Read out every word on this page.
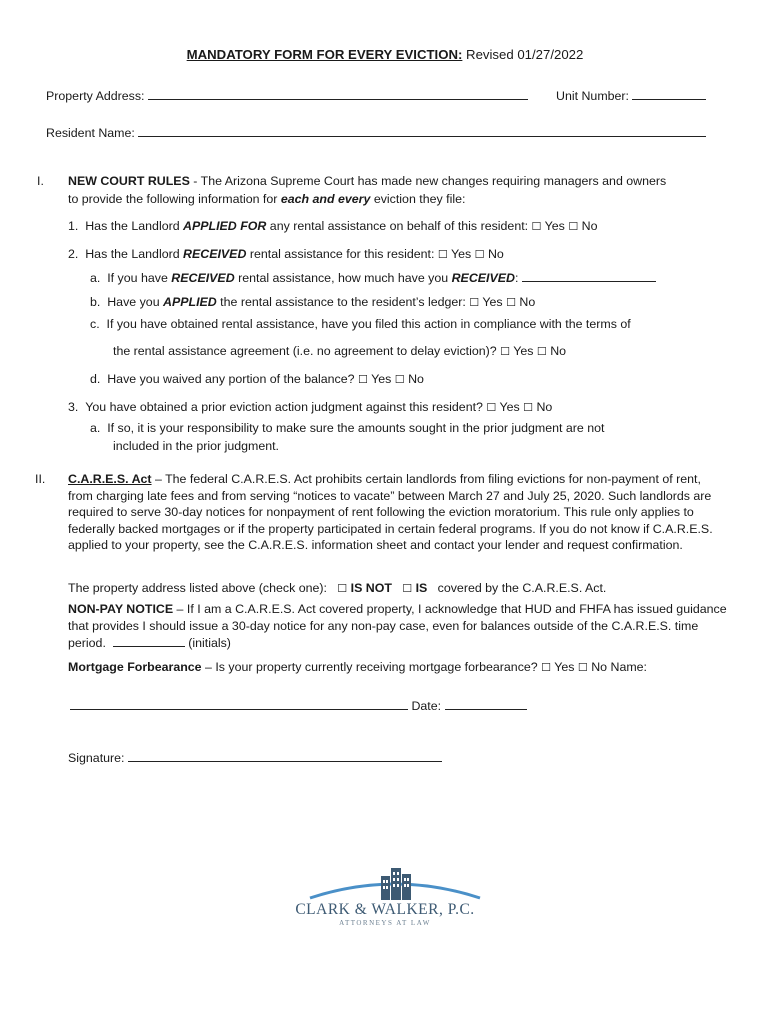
MANDATORY FORM FOR EVERY EVICTION: Revised 01/27/2022
Property Address:	Unit Number:
Resident Name:
I. NEW COURT RULES - The Arizona Supreme Court has made new changes requiring managers and owners
to provide the following information for each and every eviction they file:
1. Has the Landlord APPLIED FOR any rental assistance on behalf of this resident: ☐ Yes ☐ No
2. Has the Landlord RECEIVED rental assistance for this resident: ☐ Yes ☐ No
a. If you have RECEIVED rental assistance, how much have you RECEIVED:
b. Have you APPLIED the rental assistance to the resident’s ledger: ☐ Yes ☐ No
c. If you have obtained rental assistance, have you filed this action in compliance with the terms of
the rental assistance agreement (i.e. no agreement to delay eviction)? ☐ Yes ☐ No
d. Have you waived any portion of the balance? ☐ Yes ☐ No
3. You have obtained a prior eviction action judgment against this resident? ☐ Yes ☐ No
a. If so, it is your responsibility to make sure the amounts sought in the prior judgment are not
included in the prior judgment.
II. C.A.R.E.S. Act – The federal C.A.R.E.S. Act prohibits certain landlords from filing evictions for non-payment of rent, from charging late fees and from serving “notices to vacate” between March 27 and July 25, 2020. Such landlords are required to serve 30-day notices for nonpayment of rent following the eviction moratorium. This rule only applies to federally backed mortgages or if the property participated in certain federal programs. If you do not know if C.A.R.E.S. applied to your property, see the C.A.R.E.S. information sheet and contact your lender and request confirmation.
The property address listed above (check one): ☐ IS NOT ☐ IS covered by the C.A.R.E.S. Act.
NON-PAY NOTICE – If I am a C.A.R.E.S. Act covered property, I acknowledge that HUD and FHFA has issued guidance that provides I should issue a 30-day notice for any non-pay case, even for balances outside of the C.A.R.E.S. time period.	(initials)
Mortgage Forbearance – Is your property currently receiving mortgage forbearance? ☐ Yes ☐ No Name:
Date:
Signature:
CLARK & WALKER, P.C.
ATTORNEYS AT LAW
